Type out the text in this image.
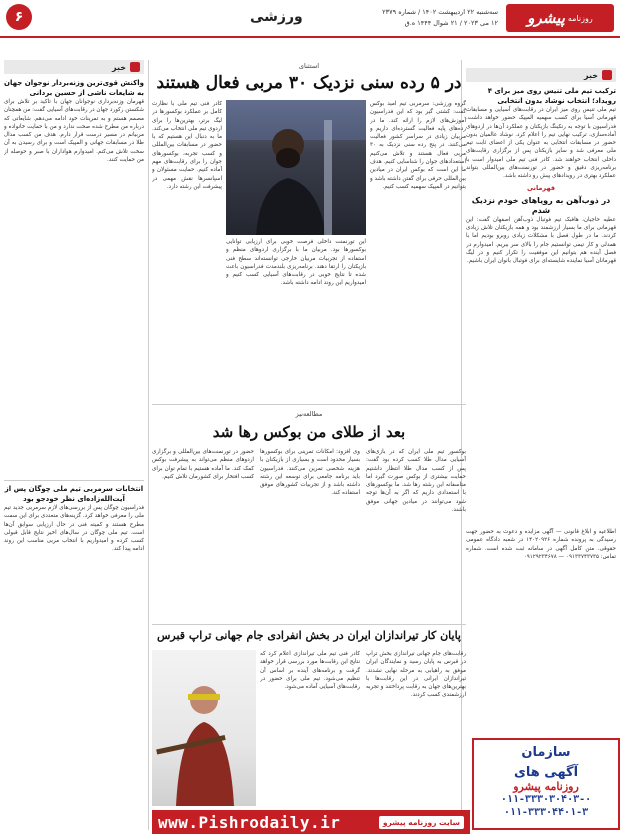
روزنامه
پیشرو
سه‌شنبه ۲۲ اردیبهشت ۱۴۰۲ / شماره ۲۳۷۹
۱۲ می ۲۰۲۳ / ۲۱ شوال ۱۴۴۴ ه.ق
ورزشی
۶
خبر
ترکیب تیم ملی تنیس روی میز برای ۴ رویداد؛ انتخاب نوشاد بدون انتخابی

تیم ملی تنیس روی میز ایران در رقابت‌های آسیایی و مسابقات قهرمانی آسیا برای کسب سهمیه المپیک حضور خواهد داشت. فدراسیون با توجه به رنکینگ بازیکنان و عملکرد آن‌ها در اردوهای آماده‌سازی، ترکیب نهایی تیم را اعلام کرد. نوشاد عالمیان بدون حضور در مسابقات انتخابی به عنوان یکی از اعضای ثابت تیم ملی معرفی شد و سایر بازیکنان پس از برگزاری رقابت‌های داخلی انتخاب خواهند شد. کادر فنی تیم ملی امیدوار است با برنامه‌ریزی دقیق و حضور در تورنمنت‌های بین‌المللی بتواند عملکرد بهتری در رویدادهای پیش رو داشته باشد.

قهرمانی
در ذوب‌آهن به رویاهای خودم نزدیک شدم

عطیه حاجیان، هافبک تیم فوتبال ذوب‌آهن اصفهان گفت: این قهرمانی برای ما بسیار ارزشمند بود و همه بازیکنان تلاش زیادی کردند. ما در طول فصل با مشکلات زیادی روبرو بودیم اما با همدلی و کار تیمی توانستیم جام را بالای سر ببریم. امیدوارم در فصل آینده هم بتوانیم این موفقیت را تکرار کنیم و در لیگ قهرمانان آسیا نماینده شایسته‌ای برای فوتبال بانوان ایران باشیم.

اطلاعیه و ابلاغ قانونی — آگهی مزایده و دعوت به حضور جهت رسیدگی به پرونده شماره ۱۴۰۲۰۹۲۶ در شعبه دادگاه عمومی حقوقی. متن کامل آگهی در سامانه ثبت شده است. شماره تماس: ۰۹۱۳۳۷۴۳۷۳۵ — ۰۹۱۲۹۲۳۴۶۷۸

خبر
واکنش قوی‌ترین وزنه‌بردار نوجوان جهان به شایعات ناشی از حسین بردانی

قهرمان وزنه‌برداری نوجوانان جهان با تاکید بر تلاش برای شکستن رکورد جهان در رقابت‌های آسیایی گفت: من همچنان مصمم هستم و به تمرینات خود ادامه می‌دهم. شایعاتی که درباره من مطرح شده صحت ندارد و من با حمایت خانواده و مربیانم در مسیر درست قرار دارم. هدف من کسب مدال طلا در مسابقات جهانی و المپیک است و برای رسیدن به آن سخت تلاش می‌کنم. امیدوارم هواداران با صبر و حوصله از من حمایت کنند.

انتخابات سرمربی تیم ملی چوگان پس از آیت‌الله‌زاده‌ای نظر خودجو بود

فدراسیون چوگان پس از بررسی‌های لازم سرمربی جدید تیم ملی را معرفی خواهد کرد. گزینه‌های متعددی برای این سمت مطرح هستند و کمیته فنی در حال ارزیابی سوابق آن‌ها است. تیم ملی چوگان در سال‌های اخیر نتایج قابل قبولی کسب کرده و امیدواریم با انتخاب مربی مناسب این روند ادامه پیدا کند.

استثنای
در ۵ رده سنی نزدیک ۳۰ مربی فعال هستند

گروه ورزشی: سرمربی تیم امید بوکس گفت: کشتی گیر بود که این فدراسیون آموزش‌های لازم را ارائه کند. ما در رده‌های پایه فعالیت گسترده‌ای داریم و مربیان زیادی در سراسر کشور فعالیت می‌کنند. در پنج رده سنی نزدیک به ۳۰ مربی فعال هستند و تلاش می‌کنیم استعدادهای جوان را شناسایی کنیم. هدف ما این است که بوکس ایران در میادین بین‌المللی حرفی برای گفتن داشته باشد و بتوانیم در المپیک سهمیه کسب کنیم.

کادر فنی تیم ملی با نظارت کامل بر عملکرد بوکسورها در لیگ برتر، بهترین‌ها را برای اردوی تیم ملی انتخاب می‌کند. ما به دنبال این هستیم که با حضور در مسابقات بین‌المللی و کسب تجربه، بوکسورهای جوان را برای رقابت‌های مهم آماده کنیم. حمایت مسئولان و اسپانسرها نقش مهمی در پیشرفت این رشته دارد.

این تورنمنت داخلی فرصت خوبی برای ارزیابی توانایی بوکسورها بود. مربیان ما با برگزاری اردوهای منظم و استفاده از تجربیات مربیان خارجی توانسته‌اند سطح فنی بازیکنان را ارتقا دهند. برنامه‌ریزی بلندمدت فدراسیون باعث شده تا نتایج خوبی در رقابت‌های آسیایی کسب کنیم و امیدواریم این روند ادامه داشته باشد.

مطالعه‌نیز
بعد از طلای من بوکس رها شد

بوکسور تیم ملی ایران که در بازی‌های آسیایی مدال طلا کسب کرده بود گفت: پس از کسب مدال طلا انتظار داشتیم حمایت بیشتری از بوکس صورت گیرد اما متاسفانه این رشته رها شد. ما بوکسورهای با استعدادی داریم که اگر به آن‌ها توجه شود می‌توانند در میادین جهانی موفق باشند.

وی افزود: امکانات تمرینی برای بوکسورها بسیار محدود است و بسیاری از بازیکنان با هزینه شخصی تمرین می‌کنند. فدراسیون باید برنامه جامعی برای توسعه این رشته داشته باشد و از تجربیات کشورهای موفق استفاده کند.

حضور در تورنمنت‌های بین‌المللی و برگزاری اردوهای منظم می‌تواند به پیشرفت بوکس کمک کند. ما آماده هستیم با تمام توان برای کسب افتخار برای کشورمان تلاش کنیم.

پایان کار تیراندازان ایران در بخش انفرادی جام جهانی تراپ قبرس

رقابت‌های جام جهانی تیراندازی بخش تراپ در قبرس به پایان رسید و نمایندگان ایران موفق به راهیابی به مرحله نهایی نشدند. تیراندازان ایرانی در این رقابت‌ها با بهترین‌های جهان به رقابت پرداختند و تجربه ارزشمندی کسب کردند.

کادر فنی تیم ملی تیراندازی اعلام کرد که نتایج این رقابت‌ها مورد بررسی قرار خواهد گرفت و برنامه‌های آینده بر اساس آن تنظیم می‌شود. تیم ملی برای حضور در رقابت‌های آسیایی آماده می‌شود.

سازمان
آگهی های
روزنامه پیشرو
۰۱۱-۳۳۳۰۳۰۴۰۳-۰
۰۱۱-۳۳۳۰۴۴۰۱-۳
سایت روزنامه پیشرو
www.Pishrodaily.ir
